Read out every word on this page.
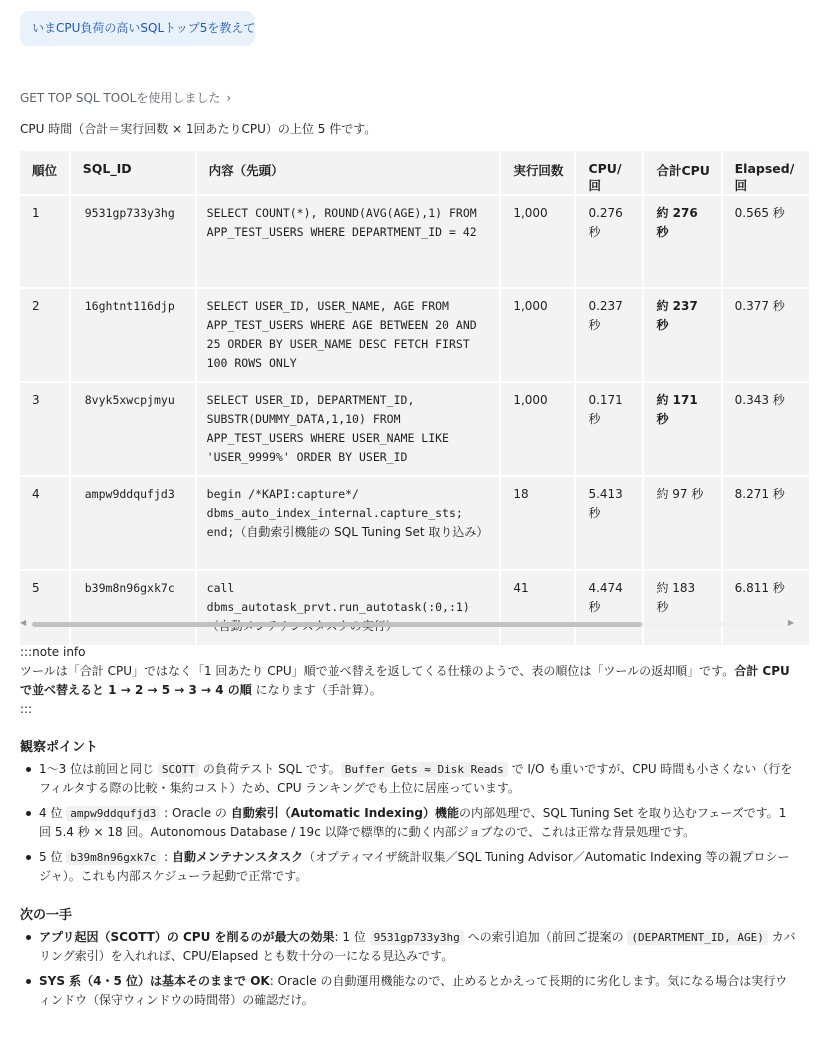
いまCPU負荷の高いSQLトップ5を教えて
GET TOP SQL TOOLを使用しました ›
CPU 時間（合計＝実行回数 × 1回あたりCPU）の上位 5 件です。
順位	SQL_ID	内容（先頭）	実行回数	CPU/回	合計CPU	Elapsed/回
1	9531gp733y3hg	SELECT COUNT(*), ROUND(AVG(AGE),1) FROM APP_TEST_USERS WHERE DEPARTMENT_ID = 42	1,000	0.276 秒	約 276 秒	0.565 秒
2	16ghtnt116djp	SELECT USER_ID, USER_NAME, AGE FROM APP_TEST_USERS WHERE AGE BETWEEN 20 AND 25 ORDER BY USER_NAME DESC FETCH FIRST 100 ROWS ONLY	1,000	0.237 秒	約 237 秒	0.377 秒
3	8vyk5xwcpjmyu	SELECT USER_ID, DEPARTMENT_ID, SUBSTR(DUMMY_DATA,1,10) FROM APP_TEST_USERS WHERE USER_NAME LIKE 'USER_9999%' ORDER BY USER_ID	1,000	0.171 秒	約 171 秒	0.343 秒
4	ampw9ddqufjd3	begin /*KAPI:capture*/ dbms_auto_index_internal.capture_sts; end;（自動索引機能の SQL Tuning Set 取り込み）	18	5.413 秒	約 97 秒	8.271 秒
5	b39m8n96gxk7c	call dbms_autotask_prvt.run_autotask(:0,:1)	41	4.474 秒	約 183 秒	6.811 秒
◀	▶

:::note info

ツールは「合計 CPU」ではなく「1 回あたり CPU」順で並べ替えを返してくる仕様のようで、表の順位は「ツールの返却順」です。合計 CPU で並べ替えると 1 → 2 → 5 → 3 → 4 の順 になります（手計算）。

:::

観察ポイント
1〜3 位は前回と同じ SCOTT の負荷テスト SQL です。 Buffer Gets ≈ Disk Reads で I/O も重いですが、CPU 時間も小さくない（行をフィルタする際の比較・集約コスト）ため、CPU ランキングでも上位に居座っています。
4 位 ampw9ddqufjd3 : Oracle の 自動索引（Automatic Indexing）機能の内部処理で、SQL Tuning Set を取り込むフェーズです。1 回 5.4 秒 × 18 回。Autonomous Database / 19c 以降で標準的に動く内部ジョブなので、これは正常な背景処理です。
5 位 b39m8n96gxk7c : 自動メンテナンスタスク（オプティマイザ統計収集／SQL Tuning Advisor／Automatic Indexing 等の親プロシージャ）。これも内部スケジューラ起動で正常です。
次の一手
アプリ起因（SCOTT）の CPU を削るのが最大の効果: 1 位 9531gp733y3hg への索引追加（前回ご提案の (DEPARTMENT_ID, AGE) カバリング索引）を入れれば、CPU/Elapsed とも数十分の一になる見込みです。
SYS 系（4・5 位）は基本そのままで OK: Oracle の自動運用機能なので、止めるとかえって長期的に劣化します。気になる場合は実行ウィンドウ（保守ウィンドウの時間帯）の確認だけ。
